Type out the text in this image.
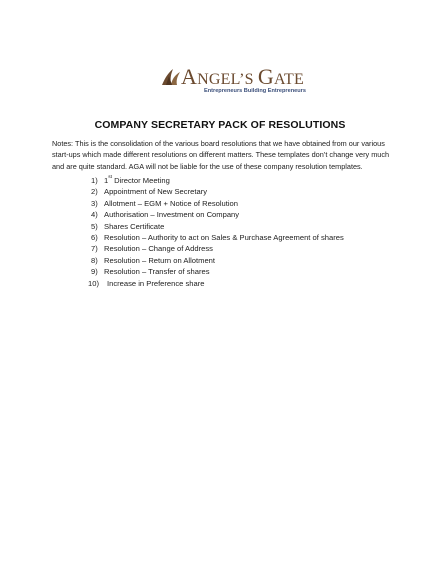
ANGEL’S GATE
Entrepreneurs Building Entrepreneurs
COMPANY SECRETARY PACK OF RESOLUTIONS
Notes: This is the consolidation of the various board resolutions that we have obtained from our various start-ups which made different resolutions on different matters. These templates don’t change very much and are quite standard. AGA will not be liable for the use of these company resolution templates.
1) 1st Director Meeting
2) Appointment of New Secretary
3) Allotment – EGM + Notice of Resolution
4) Authorisation – Investment on Company
5) Shares Certificate
6) Resolution – Authority to act on Sales & Purchase Agreement of shares
7) Resolution – Change of Address
8) Resolution – Return on Allotment
9) Resolution – Transfer of shares
10) Increase in Preference share
